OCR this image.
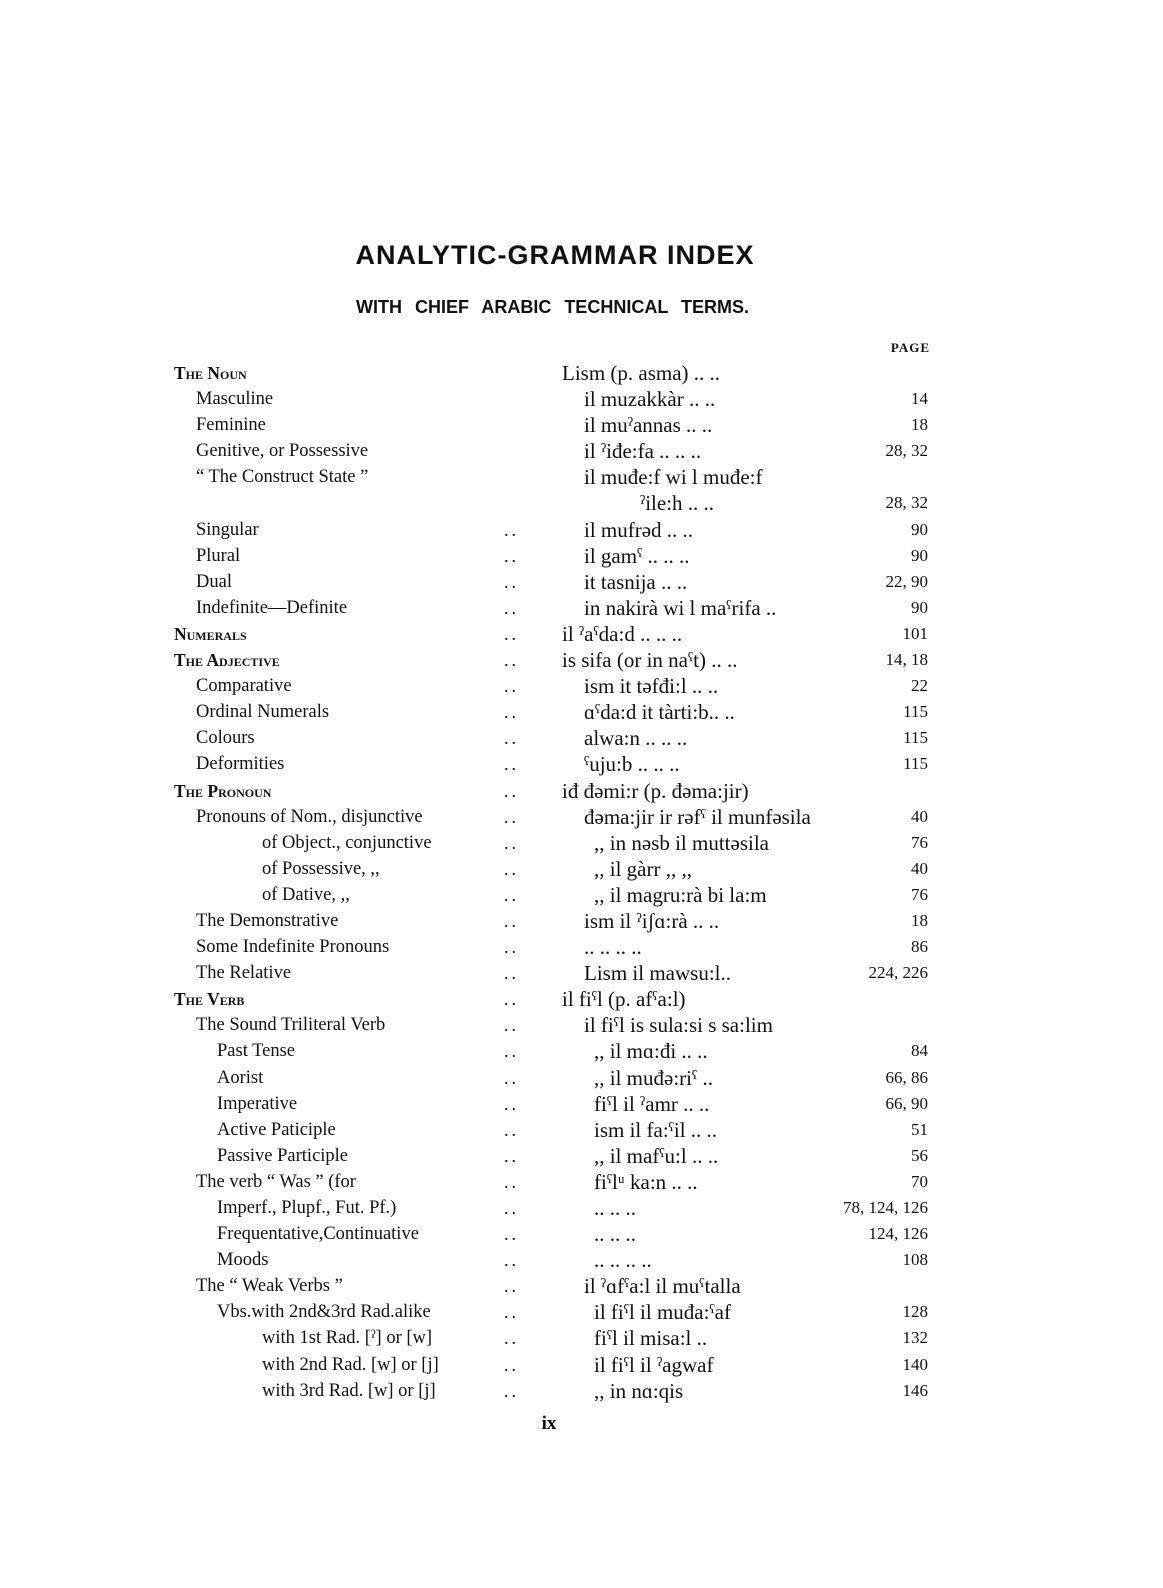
ANALYTIC-GRAMMAR INDEX
WITH CHIEF ARABIC TECHNICAL TERMS.
PAGE
The Noun	Lism (p. asma) .. ..
Masculine	il muzakkàr .. ..	14
Feminine	il muˀannas .. ..	18
Genitive, or Possessive	il ˀiđe:fa .. .. ..	28, 32
“ The Construct State ”	il muđe:f wi l muđe:f
ˀile:h .. ..	28, 32
Singular	..	il mufrəd .. ..	90
Plural	..	il gamˁ .. .. ..	90
Dual	..	it tasnija .. ..	22, 90
Indefinite—Definite	..	in nakirà wi l maˁrifa ..	90
Numerals	..	il ˀaˁda:d .. .. ..	101
The Adjective	..	is sifa (or in naˁt) .. ..	14, 18
Comparative	..	ism it təfđi:l .. ..	22
Ordinal Numerals	..	ɑˁda:d it tàrti:b.. ..	115
Colours	..	alwa:n .. .. ..	115
Deformities	..	ˁuju:b .. .. ..	115
The Pronoun	..	iđ đəmi:r (p. đəma:jir)
Pronouns of Nom., disjunctive	..	đəma:jir ir rəfˁ il munfəsila	40
of Object., conjunctive	..	,, in nəsb il muttəsila	76
of Possessive, ,,	..	,, il gàrr ,, ,,	40
of Dative, ,,	..	,, il magru:rà bi la:m	76
The Demonstrative	..	ism il ˀiʃɑ:rà .. ..	18
Some Indefinite Pronouns	..	.. .. .. ..	86
The Relative	..	Lism il mawsu:l..	224, 226
The Verb	..	il fiˁl (p. afˁa:l)
The Sound Triliteral Verb	..	il fiˁl is sula:si s sa:lim
Past Tense	..	,, il mɑ:đi .. ..	84
Aorist	..	,, il muđə:riˁ ..	66, 86
Imperative	..	fiˁl il ˀamr .. ..	66, 90
Active Paticiple	..	ism il fa:ˁil .. ..	51
Passive Participle	..	,, il mafˁu:l .. ..	56
The verb “ Was ” (for	..	fiˁlᵘ ka:n .. ..	70
Imperf., Plupf., Fut. Pf.)	..	.. .. ..	78, 124, 126
Frequentative,Continuative	..	.. .. ..	124, 126
Moods	..	.. .. .. ..	108
The “ Weak Verbs ”	..	il ˀɑfˁa:l il muˁtalla
Vbs.with 2nd&3rd Rad.alike	..	il fiˁl il muđa:ˁaf	128
with 1st Rad. [ˀ] or [w]	..	fiˁl il misa:l ..	132
with 2nd Rad. [w] or [j]	..	il fiˁl il ˀagwaf	140
with 3rd Rad. [w] or [j]	..	,, in nɑ:qis	146
ix
